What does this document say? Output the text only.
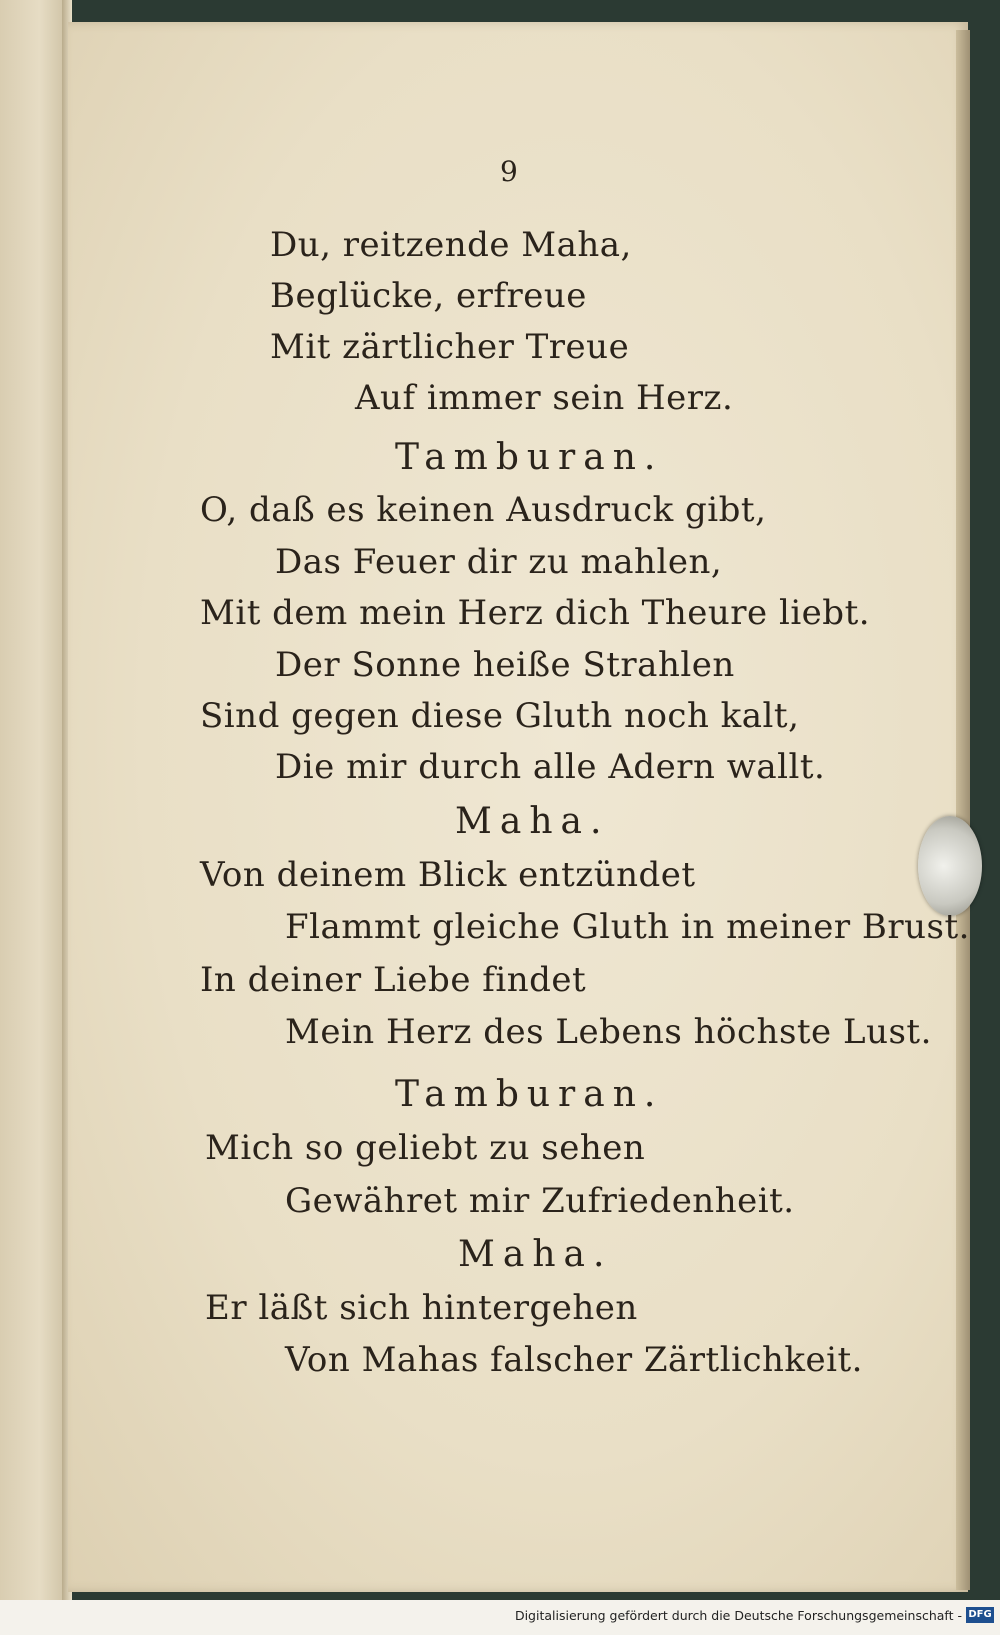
9
Du, reitzende Maha,
Beglücke, erfreue
Mit zärtlicher Treue
Auf immer sein Herz.
Tamburan.
O, daß es keinen Ausdruck gibt,
Das Feuer dir zu mahlen,
Mit dem mein Herz dich Theure liebt.
Der Sonne heiße Strahlen
Sind gegen diese Gluth noch kalt,
Die mir durch alle Adern wallt.
Maha.
Von deinem Blick entzündet
Flammt gleiche Gluth in meiner Brust.
In deiner Liebe findet
Mein Herz des Lebens höchste Lust.
Tamburan.
Mich so geliebt zu sehen
Gewähret mir Zufriedenheit.
Maha.
Er läßt sich hintergehen
Von Mahas falscher Zärtlichkeit.
Digitalisierung gefördert durch die Deutsche Forschungsgemeinschaft - DFG
